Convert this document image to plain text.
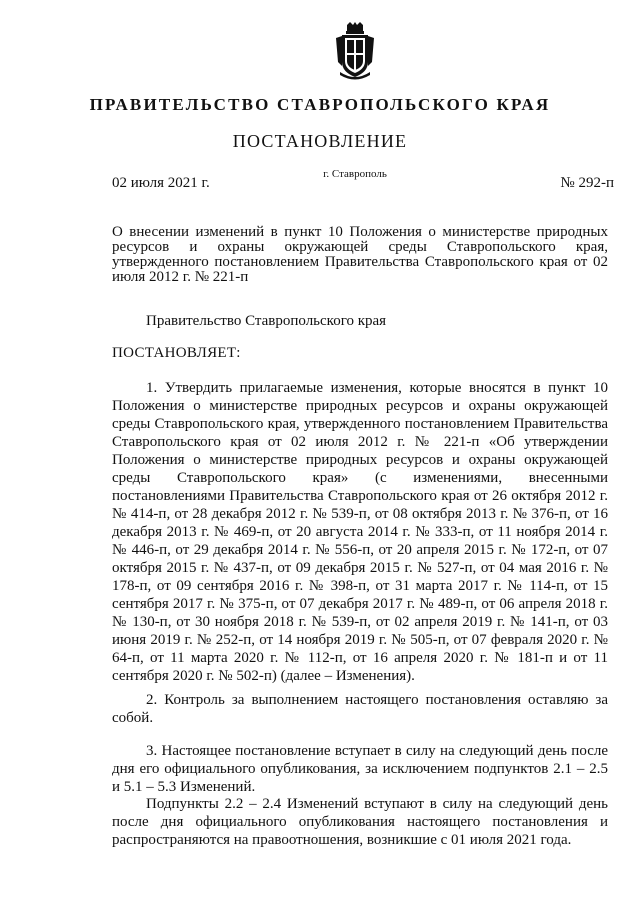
ПРАВИТЕЛЬСТВО СТАВРОПОЛЬСКОГО КРАЯ
ПОСТАНОВЛЕНИЕ
02 июля 2021 г.
г. Ставрополь
№ 292-п
О внесении изменений в пункт 10 Положения о министерстве природных ресурсов и охраны окружающей среды Ставропольского края, утвержденного постановлением Правительства Ставропольского края от 02 июля 2012 г. № 221-п
Правительство Ставропольского края
ПОСТАНОВЛЯЕТ:

1. Утвердить прилагаемые изменения, которые вносятся в пункт 10 Положения о министерстве природных ресурсов и охраны окружающей среды Ставропольского края, утвержденного постановлением Правительства Ставропольского края от 02 июля 2012 г. № 221-п «Об утверждении Положения о министерстве природных ресурсов и охраны окружающей среды Ставропольского края» (с изменениями, внесенными постановлениями Правительства Ставропольского края от 26 октября 2012 г. № 414-п, от 28 декабря 2012 г. № 539-п, от 08 октября 2013 г. № 376-п, от 16 декабря 2013 г. № 469-п, от 20 августа 2014 г. № 333-п, от 11 ноября 2014 г. № 446-п, от 29 декабря 2014 г. № 556-п, от 20 апреля 2015 г. № 172-п, от 07 октября 2015 г. № 437-п, от 09 декабря 2015 г. № 527-п, от 04 мая 2016 г. № 178-п, от 09 сентября 2016 г. № 398-п, от 31 марта 2017 г. № 114-п, от 15 сентября 2017 г. № 375-п, от 07 декабря 2017 г. № 489-п, от 06 апреля 2018 г. № 130-п, от 30 ноября 2018 г. № 539-п, от 02 апреля 2019 г. № 141-п, от 03 июня 2019 г. № 252-п, от 14 ноября 2019 г. № 505-п, от 07 февраля 2020 г. № 64-п, от 11 марта 2020 г. № 112-п, от 16 апреля 2020 г. № 181-п и от 11 сентября 2020 г. № 502-п) (далее – Изменения).

2. Контроль за выполнением настоящего постановления оставляю за собой.

3. Настоящее постановление вступает в силу на следующий день после дня его официального опубликования, за исключением подпунктов 2.1 – 2.5 и 5.1 – 5.3 Изменений.

Подпункты 2.2 – 2.4 Изменений вступают в силу на следующий день после дня официального опубликования настоящего постановления и распространяются на правоотношения, возникшие с 01 июля 2021 года.
